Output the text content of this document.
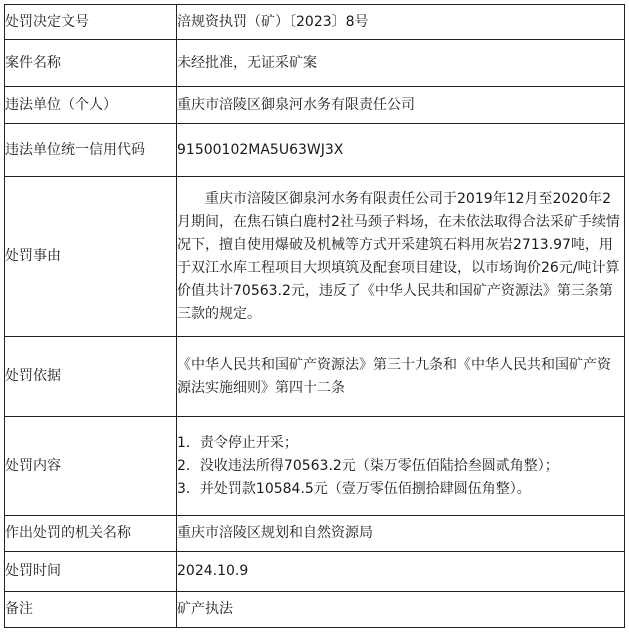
处罚决定文号	涪规资执罚（矿）〔2023〕8号
案件名称	未经批准，无证采矿案
违法单位（个人）	重庆市涪陵区御泉河水务有限责任公司
违法单位统一信用代码	91500102MA5U63WJ3X
处罚事由	重庆市涪陵区御泉河水务有限责任公司于2019年12月至2020年2月期间，在焦石镇白鹿村2社马颈子料场，在未依法取得合法采矿手续情况下，擅自使用爆破及机械等方式开采建筑石料用灰岩2713.97吨，用于双江水库工程项目大坝填筑及配套项目建设，以市场询价26元/吨计算价值共计70563.2元，违反了《中华人民共和国矿产资源法》第三条第三款的规定。
处罚依据	《中华人民共和国矿产资源法》第三十九条和《中华人民共和国矿产资源法实施细则》第四十二条
处罚内容	1．责令停止开采；
2．没收违法所得70563.2元（柒万零伍佰陆拾叁圆贰角整）；
3．并处罚款10584.5元（壹万零伍佰捌拾肆圆伍角整）。

作出处罚的机关名称	重庆市涪陵区规划和自然资源局
处罚时间	2024.10.9
备注	矿产执法
